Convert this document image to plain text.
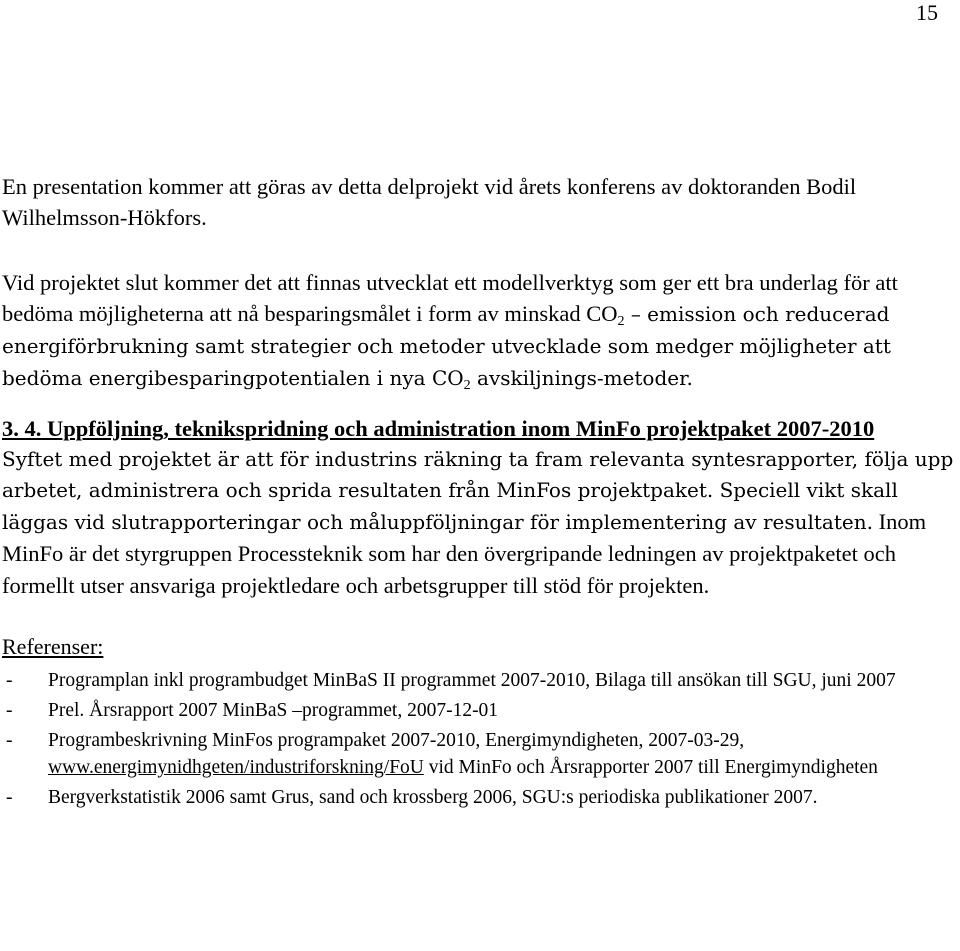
15

En presentation kommer att göras av detta delprojekt vid årets konferens av doktoranden Bodil Wilhelmsson-Hökfors.

Vid projektet slut kommer det att finnas utvecklat ett modellverktyg som ger ett bra underlag för att bedöma möjligheterna att nå besparingsmålet i form av minskad $CO_2$ – emission och reducerad energiförbrukning samt strategier och metoder utvecklade som medger möjligheter att bedöma energibesparingpotentialen i nya $CO_2$ avskiljnings-metoder.

3. 4. Uppföljning, teknikspridning och administration inom MinFo projektpaket 2007-2010

Syftet med projektet är att för industrins räkning ta fram relevanta syntesrapporter, följa upp arbetet, administrera och sprida resultaten från MinFos projektpaket. Speciell vikt skall läggas vid slutrapporteringar och måluppföljningar för implementering av resultaten. Inom MinFo är det styrgruppen Processteknik som har den övergripande ledningen av projektpaketet och formellt utser ansvariga projektledare och arbetsgrupper till stöd för projekten.

Referenser:

- Programplan inkl programbudget MinBaS II programmet 2007-2010, Bilaga till ansökan till SGU, juni 2007
- Prel. Årsrapport 2007 MinBaS –programmet, 2007-12-01
- Programbeskrivning MinFos programpaket 2007-2010, Energimyndigheten, 2007-03-29, www.energimynidhgeten/industriforskning/FoU vid MinFo och Årsrapporter 2007 till Energimyndigheten
- Bergverkstatistik 2006 samt Grus, sand och krossberg 2006, SGU:s periodiska publikationer 2007.
